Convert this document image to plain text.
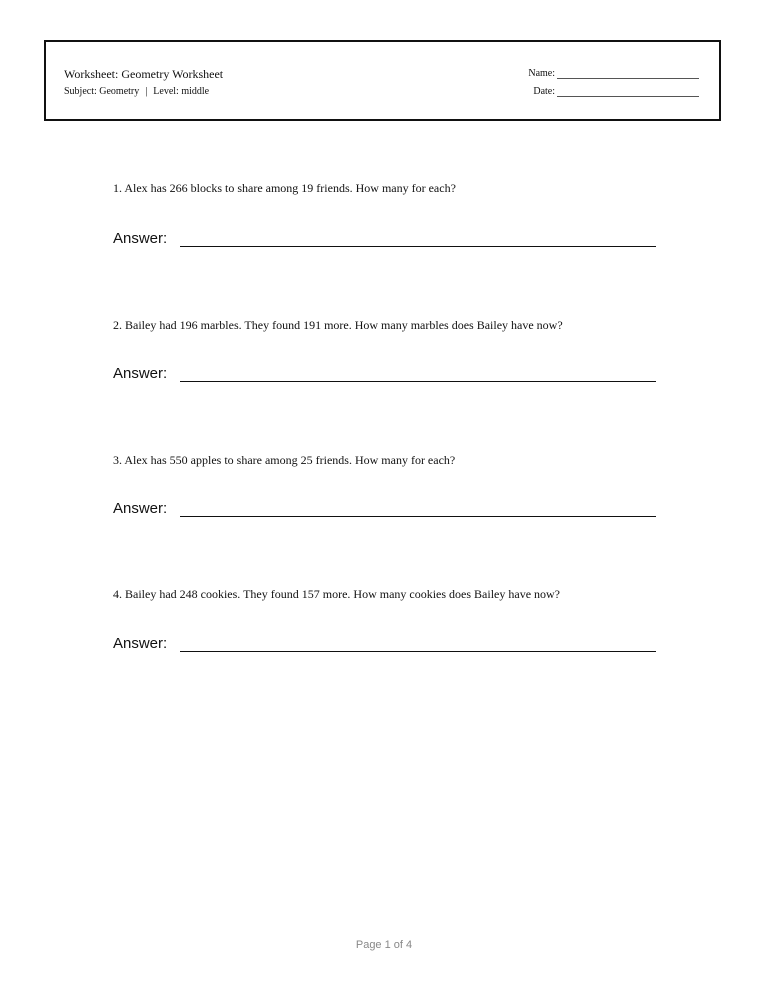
Worksheet: Geometry Worksheet
Subject: Geometry | Level: middle
Name:
Date:
1. Alex has 266 blocks to share among 19 friends. How many for each?
Answer:
2. Bailey had 196 marbles. They found 191 more. How many marbles does Bailey have now?
Answer:
3. Alex has 550 apples to share among 25 friends. How many for each?
Answer:
4. Bailey had 248 cookies. They found 157 more. How many cookies does Bailey have now?
Answer:
Page 1 of 4
